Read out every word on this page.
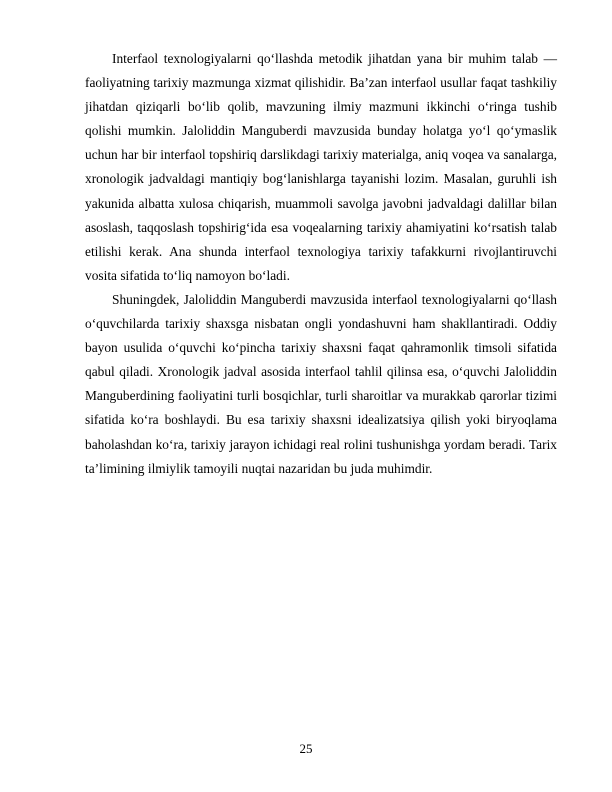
Interfaol texnologiyalarni qo‘llashda metodik jihatdan yana bir muhim talab — faoliyatning tarixiy mazmunga xizmat qilishidir. Ba’zan interfaol usullar faqat tashkiliy jihatdan qiziqarli bo‘lib qolib, mavzuning ilmiy mazmuni ikkinchi o‘ringa tushib qolishi mumkin. Jaloliddin Manguberdi mavzusida bunday holatga yo‘l qo‘ymaslik uchun har bir interfaol topshiriq darslikdagi tarixiy materialga, aniq voqea va sanalarga, xronologik jadvaldagi mantiqiy bog‘lanishlarga tayanishi lozim. Masalan, guruhli ish yakunida albatta xulosa chiqarish, muammoli savolga javobni jadvaldagi dalillar bilan asoslash, taqqoslash topshirig‘ida esa voqealarning tarixiy ahamiyatini ko‘rsatish talab etilishi kerak. Ana shunda interfaol texnologiya tarixiy tafakkurni rivojlantiruvchi vosita sifatida to‘liq namoyon bo‘ladi.

Shuningdek, Jaloliddin Manguberdi mavzusida interfaol texnologiyalarni qo‘llash o‘quvchilarda tarixiy shaxsga nisbatan ongli yondashuvni ham shakllantiradi. Oddiy bayon usulida o‘quvchi ko‘pincha tarixiy shaxsni faqat qahramonlik timsoli sifatida qabul qiladi. Xronologik jadval asosida interfaol tahlil qilinsa esa, o‘quvchi Jaloliddin Manguberdining faoliyatini turli bosqichlar, turli sharoitlar va murakkab qarorlar tizimi sifatida ko‘ra boshlaydi. Bu esa tarixiy shaxsni idealizatsiya qilish yoki biryoqlama baholashdan ko‘ra, tarixiy jarayon ichidagi real rolini tushunishga yordam beradi. Tarix ta’limining ilmiylik tamoyili nuqtai nazaridan bu juda muhimdir.

25
